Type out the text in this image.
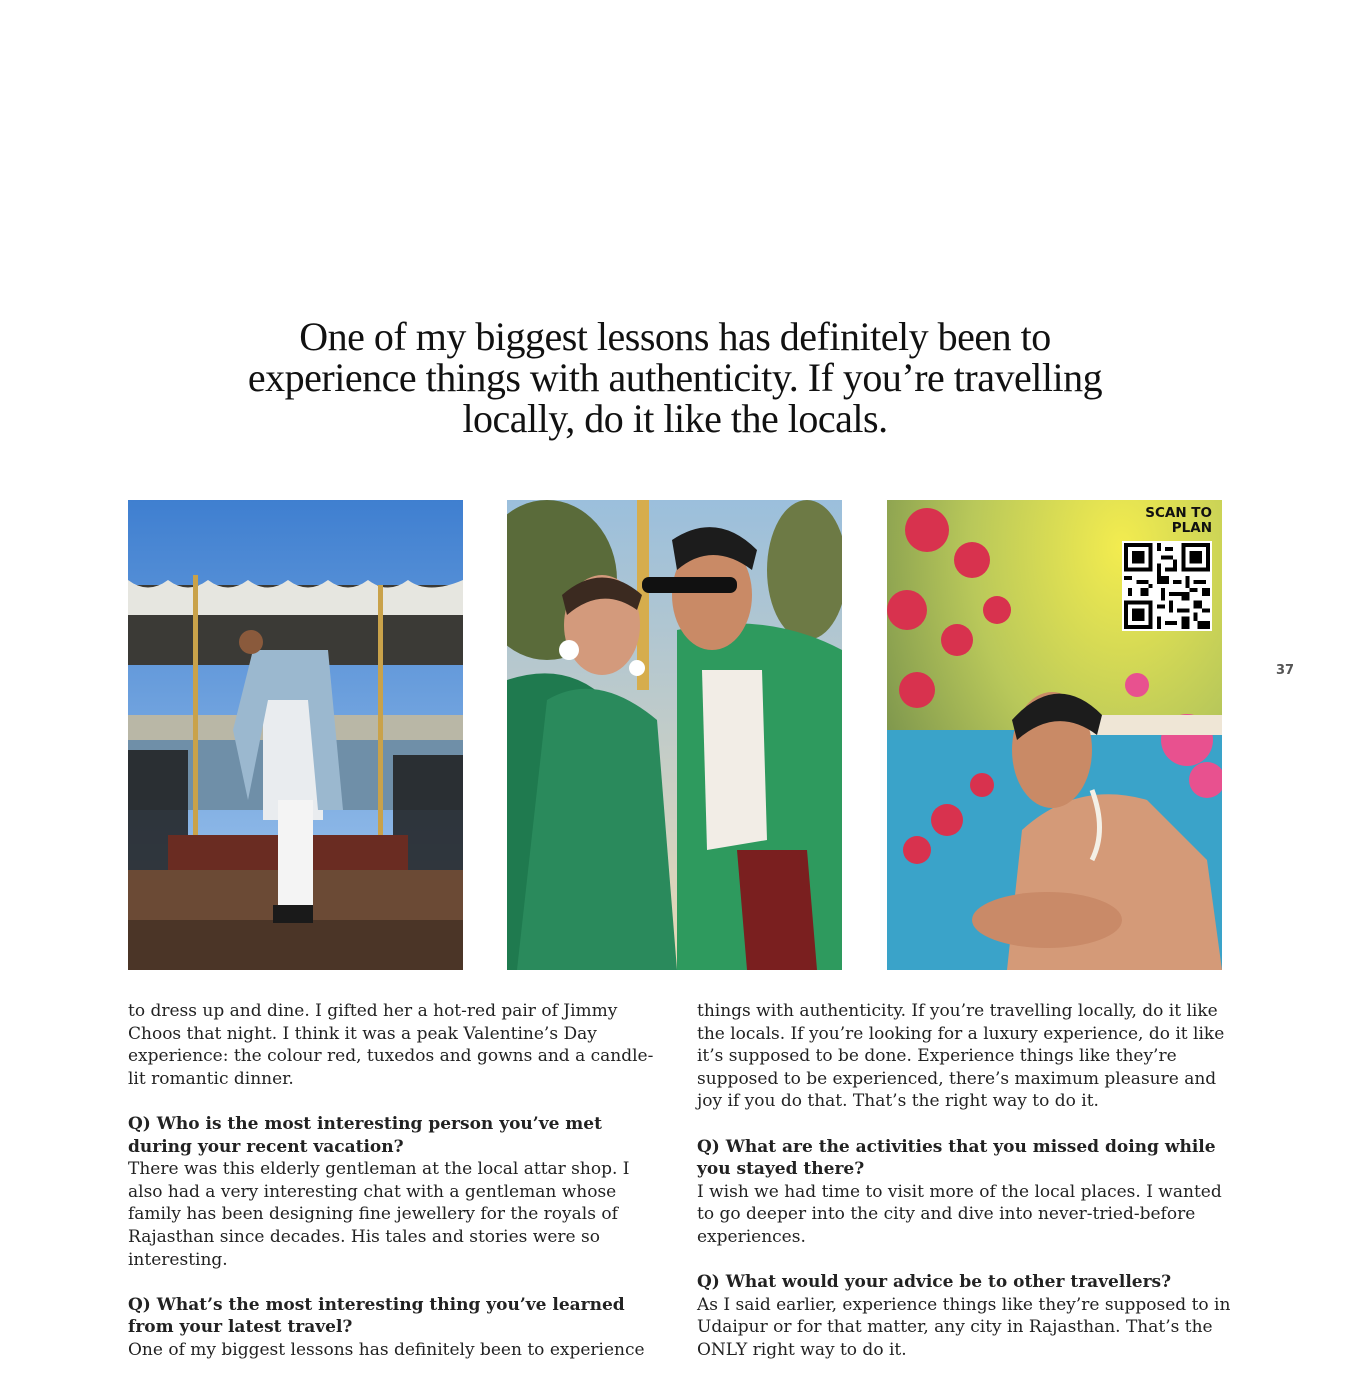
One of my biggest lessons has definitely been to
experience things with authenticity. If you’re travelling
locally, do it like the locals.
SCAN TO
PLAN
37

to dress up and dine. I gifted her a hot-red pair of Jimmy Choos that night. I think it was a peak Valentine’s Day experience: the colour red, tuxedos and gowns and a candle-lit romantic dinner.

Q) Who is the most interesting person you’ve met during your recent vacation?
There was this elderly gentleman at the local attar shop. I also had a very interesting chat with a gentleman whose family has been designing fine jewellery for the royals of Rajasthan since decades. His tales and stories were so interesting.
Q) What’s the most interesting thing you’ve learned from your latest travel?
One of my biggest lessons has definitely been to experience

things with authenticity. If you’re travelling locally, do it like the locals. If you’re looking for a luxury experience, do it like it’s supposed to be done. Experience things like they’re supposed to be experienced, there’s maximum pleasure and joy if you do that. That’s the right way to do it.

Q) What are the activities that you missed doing while you stayed there?
I wish we had time to visit more of the local places. I wanted to go deeper into the city and dive into never-tried-before experiences.
Q) What would your advice be to other travellers?
As I said earlier, experience things like they’re supposed to in Udaipur or for that matter, any city in Rajasthan. That’s the ONLY right way to do it.
